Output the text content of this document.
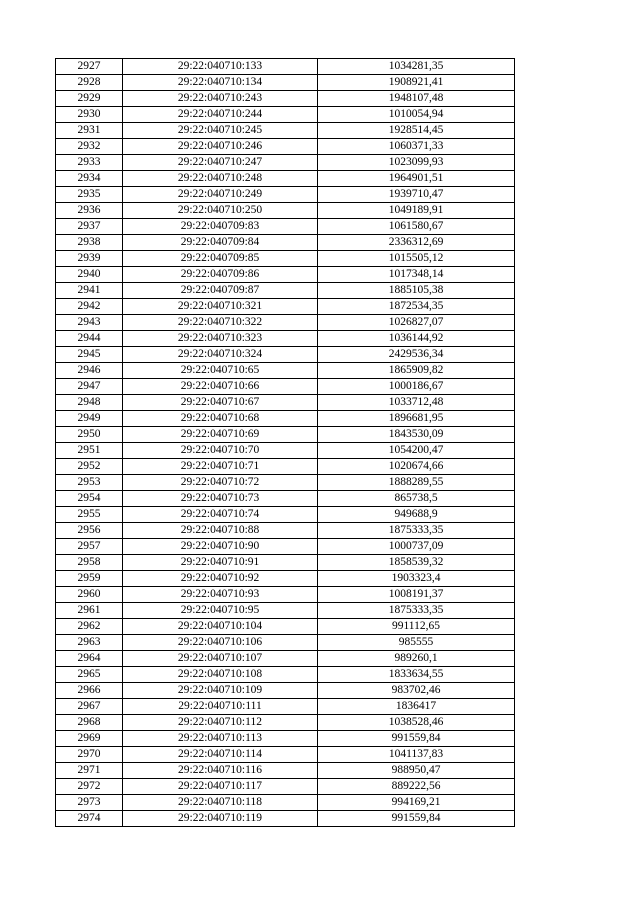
2927	29:22:040710:133	1034281,35
2928	29:22:040710:134	1908921,41
2929	29:22:040710:243	1948107,48
2930	29:22:040710:244	1010054,94
2931	29:22:040710:245	1928514,45
2932	29:22:040710:246	1060371,33
2933	29:22:040710:247	1023099,93
2934	29:22:040710:248	1964901,51
2935	29:22:040710:249	1939710,47
2936	29:22:040710:250	1049189,91
2937	29:22:040709:83	1061580,67
2938	29:22:040709:84	2336312,69
2939	29:22:040709:85	1015505,12
2940	29:22:040709:86	1017348,14
2941	29:22:040709:87	1885105,38
2942	29:22:040710:321	1872534,35
2943	29:22:040710:322	1026827,07
2944	29:22:040710:323	1036144,92
2945	29:22:040710:324	2429536,34
2946	29:22:040710:65	1865909,82
2947	29:22:040710:66	1000186,67
2948	29:22:040710:67	1033712,48
2949	29:22:040710:68	1896681,95
2950	29:22:040710:69	1843530,09
2951	29:22:040710:70	1054200,47
2952	29:22:040710:71	1020674,66
2953	29:22:040710:72	1888289,55
2954	29:22:040710:73	865738,5
2955	29:22:040710:74	949688,9
2956	29:22:040710:88	1875333,35
2957	29:22:040710:90	1000737,09
2958	29:22:040710:91	1858539,32
2959	29:22:040710:92	1903323,4
2960	29:22:040710:93	1008191,37
2961	29:22:040710:95	1875333,35
2962	29:22:040710:104	991112,65
2963	29:22:040710:106	985555
2964	29:22:040710:107	989260,1
2965	29:22:040710:108	1833634,55
2966	29:22:040710:109	983702,46
2967	29:22:040710:111	1836417
2968	29:22:040710:112	1038528,46
2969	29:22:040710:113	991559,84
2970	29:22:040710:114	1041137,83
2971	29:22:040710:116	988950,47
2972	29:22:040710:117	889222,56
2973	29:22:040710:118	994169,21
2974	29:22:040710:119	991559,84
